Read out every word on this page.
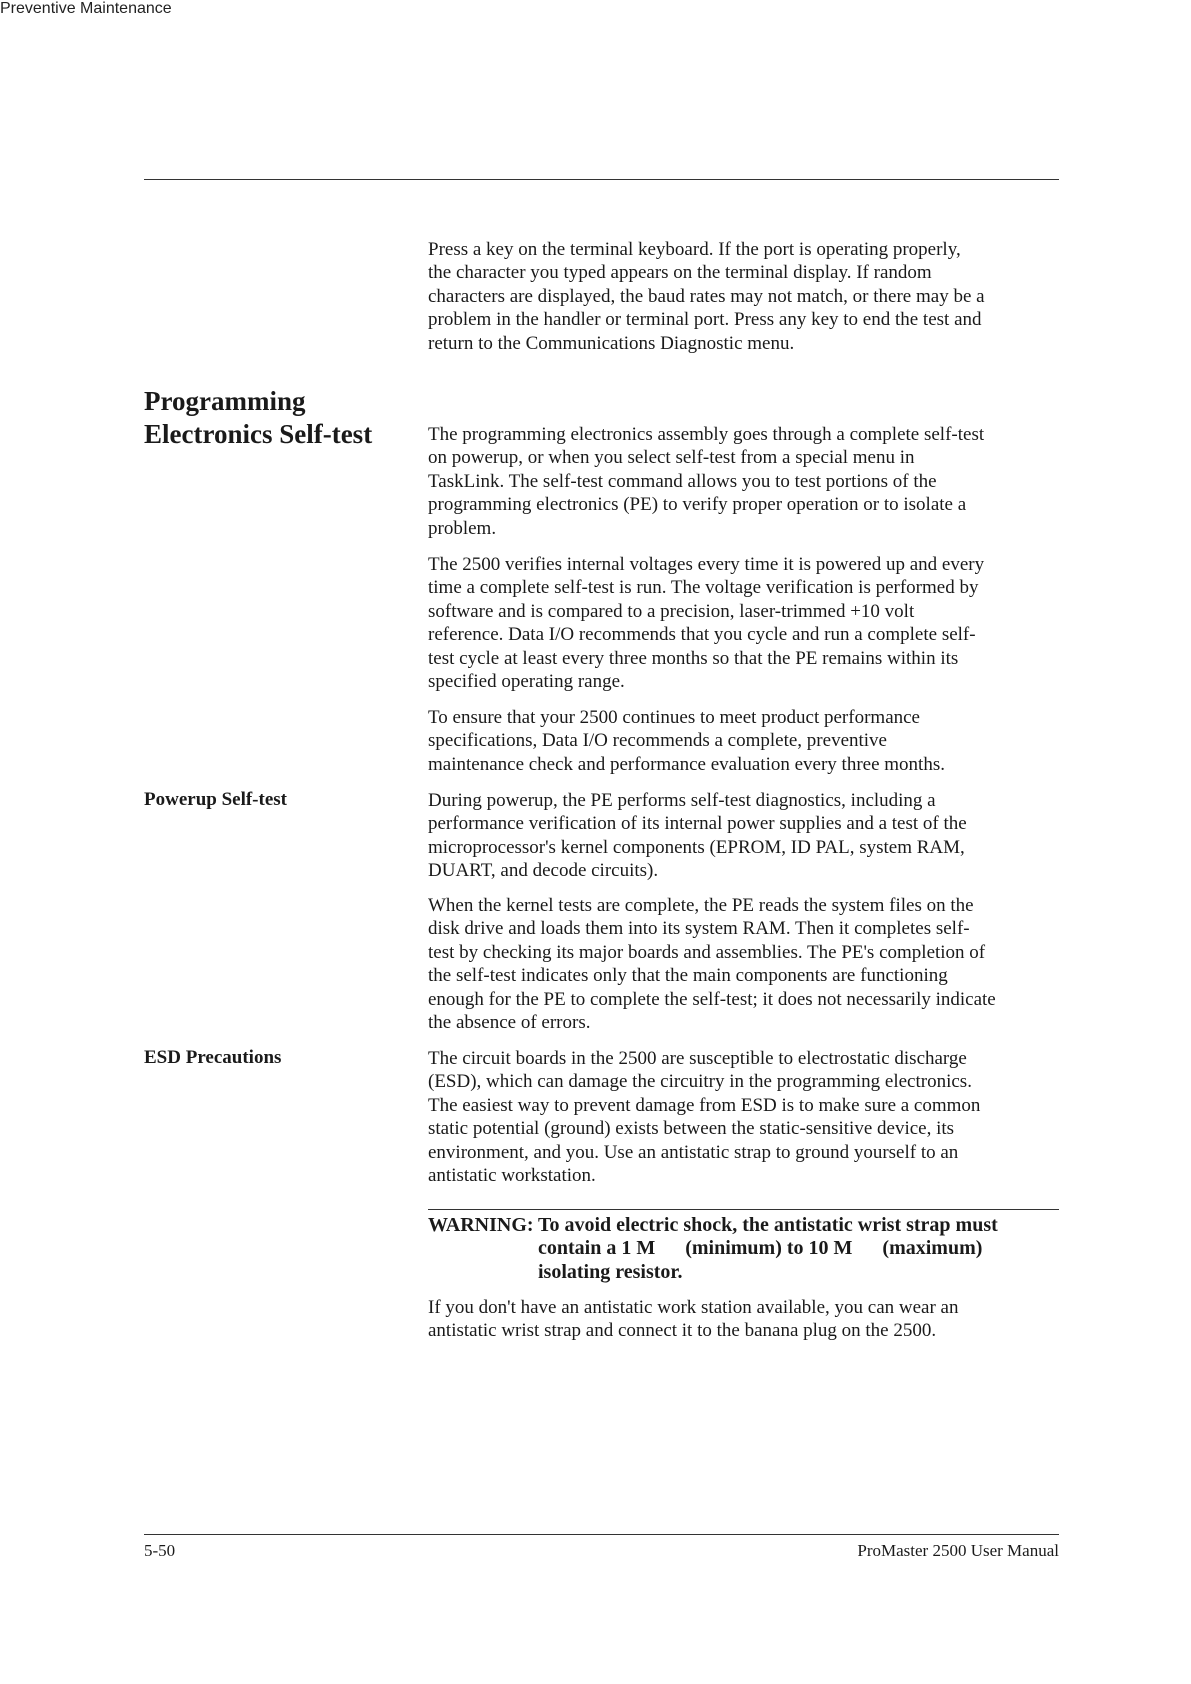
Preventive Maintenance
Programming
Electronics Self-test
Powerup Self-test
ESD Precautions
Press a key on the terminal keyboard. If the port is operating properly,
the character you typed appears on the terminal display. If random
characters are displayed, the baud rates may not match, or there may be a
problem in the handler or terminal port. Press any key to end the test and
return to the Communications Diagnostic menu.
The programming electronics assembly goes through a complete self-test
on powerup, or when you select self-test from a special menu in
TaskLink. The self-test command allows you to test portions of the
programming electronics (PE) to verify proper operation or to isolate a
problem.
The 2500 verifies internal voltages every time it is powered up and every
time a complete self-test is run. The voltage verification is performed by
software and is compared to a precision, laser-trimmed +10 volt
reference. Data I/O recommends that you cycle and run a complete self-
test cycle at least every three months so that the PE remains within its
specified operating range.
To ensure that your 2500 continues to meet product performance
specifications, Data I/O recommends a complete, preventive
maintenance check and performance evaluation every three months.
During powerup, the PE performs self-test diagnostics, including a
performance verification of its internal power supplies and a test of the
microprocessor's kernel components (EPROM, ID PAL, system RAM,
DUART, and decode circuits).
When the kernel tests are complete, the PE reads the system files on the
disk drive and loads them into its system RAM. Then it completes self-
test by checking its major boards and assemblies. The PE's completion of
the self-test indicates only that the main components are functioning
enough for the PE to complete the self-test; it does not necessarily indicate
the absence of errors.
The circuit boards in the 2500 are susceptible to electrostatic discharge
(ESD), which can damage the circuitry in the programming electronics.
The easiest way to prevent damage from ESD is to make sure a common
static potential (ground) exists between the static-sensitive device, its
environment, and you. Use an antistatic strap to ground yourself to an
antistatic workstation.
WARNING: To avoid electric shock, the antistatic wrist strap must
contain a 1 M      (minimum) to 10 M      (maximum)
isolating resistor.
If you don't have an antistatic work station available, you can wear an
antistatic wrist strap and connect it to the banana plug on the 2500.
5-50	ProMaster 2500 User Manual
